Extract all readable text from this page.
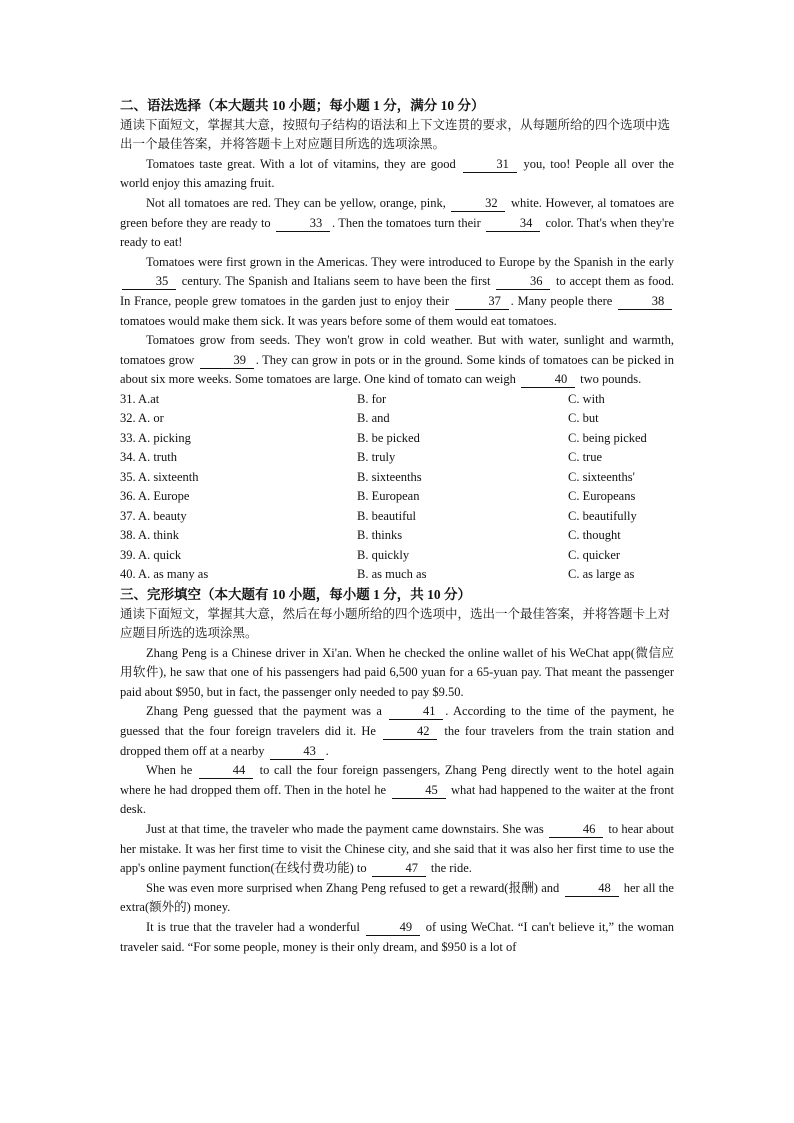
二、语法选择（本大题共 10 小题；每小题 1 分，满分 10 分）
通读下面短文，掌握其大意，按照句子结构的语法和上下文连贯的要求，从每题所给的四个选项中选出一个最佳答案，并将答题卡上对应题目所选的选项涂黑。
Tomatoes taste great. With a lot of vitamins, they are good	31 you, too! People all over the world enjoy this amazing fruit.
Not all tomatoes are red. They can be yellow, orange, pink,	32 white. However, al tomatoes are green before they are ready to	33 . Then the tomatoes turn their	34 color. That's when they're ready to eat!
Tomatoes were first grown in the Americas. They were introduced to Europe by the Spanish in the early 35 century. The Spanish and Italians seem to have been the first	36 to accept them as food. In France, people grew tomatoes in the garden just to enjoy their	37 . Many people there	38 tomatoes would make them sick. It was years before some of them would eat tomatoes.
Tomatoes grow from seeds. They won't grow in cold weather. But with water, sunlight and warmth, tomatoes grow	39 . They can grow in pots or in the ground. Some kinds of tomatoes can be picked in about six more weeks. Some tomatoes are large. One kind of tomato can weigh	40 two pounds.
31. A.at	B. for	C. with
32. A. or	B. and	C. but
33. A. picking	B. be picked	C. being picked
34. A. truth	B. truly	C. true
35. A. sixteenth	B. sixteenths	C. sixteenths'
36. A. Europe	B. European	C. Europeans
37. A. beauty	B. beautiful	C. beautifully
38. A. think	B. thinks	C. thought
39. A. quick	B. quickly	C. quicker
40. A. as many as	B. as much as	C. as large as
三、完形填空（本大题有 10 小题，每小题 1 分，共 10 分）
通读下面短文，掌握其大意，然后在每小题所给的四个选项中，选出一个最佳答案，并将答题卡上对应题目所选的选项涂黑。
Zhang Peng is a Chinese driver in Xi'an. When he checked the online wallet of his WeChat app(微信应用软件), he saw that one of his passengers had paid 6,500 yuan for a 65-yuan pay. That meant the passenger paid about $950, but in fact, the passenger only needed to pay $9.50.
Zhang Peng guessed that the payment was a	41 . According to the time of the payment, he guessed that the four foreign travelers did it. He	42 the four travelers from the train station and dropped them off at a nearby	43 .
When he	44 to call the four foreign passengers, Zhang Peng directly went to the hotel again where he had dropped them off. Then in the hotel he	45 what had happened to the waiter at the front desk.
Just at that time, the traveler who made the payment came downstairs. She was	46 to hear about her mistake. It was her first time to visit the Chinese city, and she said that it was also her first time to use the app's online payment function(在线付费功能) to	47 the ride.
She was even more surprised when Zhang Peng refused to get a reward(报酬) and	48 her all the extra(额外的) money.
It is true that the traveler had a wonderful	49 of using WeChat. “I can't believe it,” the woman traveler said. “For some people, money is their only dream, and $950 is a lot of
